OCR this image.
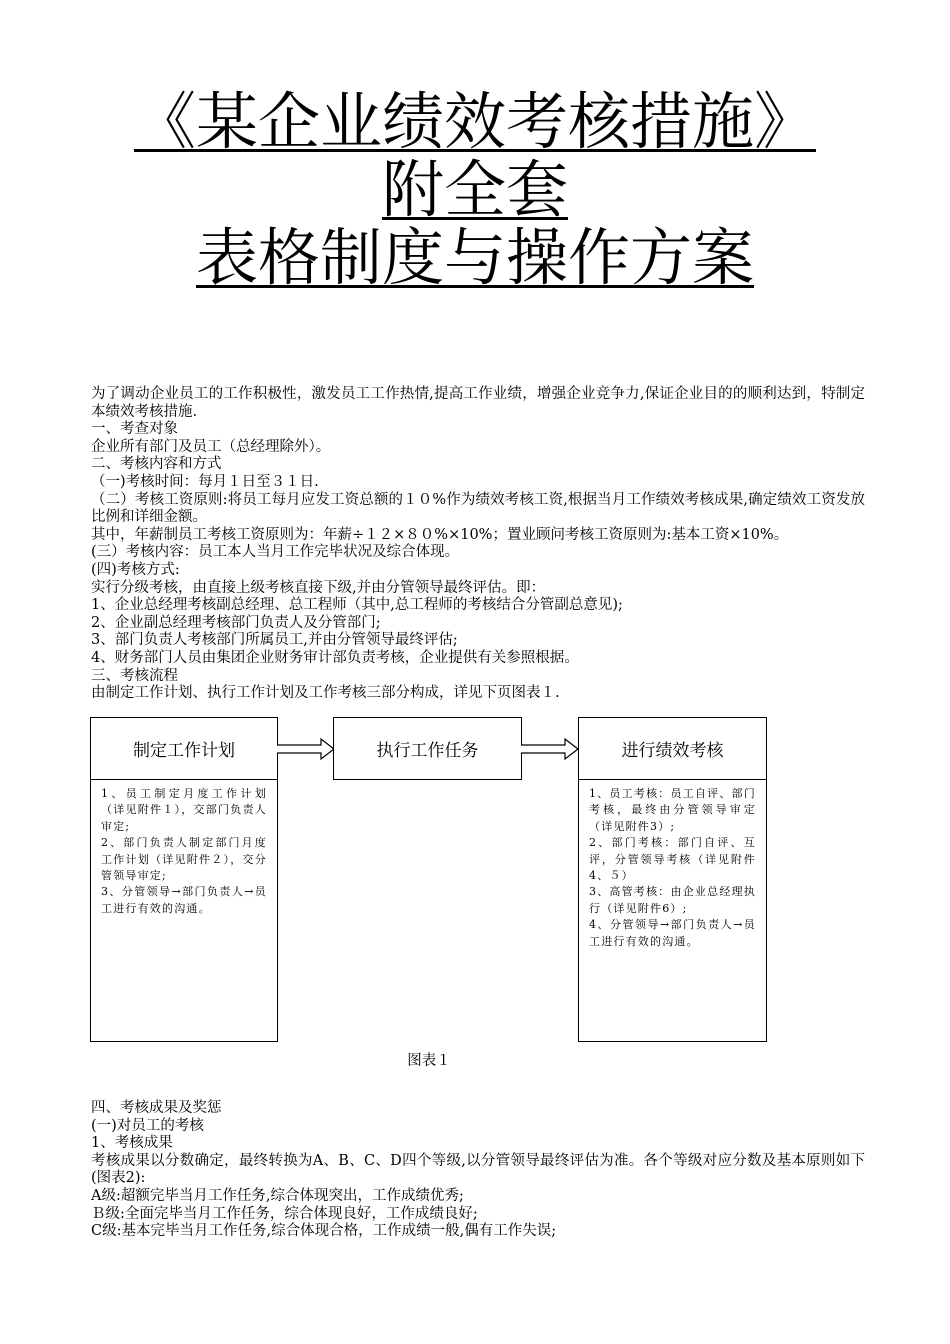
《某企业绩效考核措施》
附全套
表格制度与操作方案

为了调动企业员工的工作积极性，激发员工工作热情,提高工作业绩，增强企业竞争力,保证企业目的的顺利达到，特制定本绩效考核措施.

一、考查对象

企业所有部门及员工（总经理除外）。

二、考核内容和方式

（一)考核时间：每月１日至３１日.

（二）考核工资原则:将员工每月应发工资总额的１０%作为绩效考核工资,根据当月工作绩效考核成果,确定绩效工资发放比例和详细金额。

其中，年薪制员工考核工资原则为：年薪÷１２×８０%×10%；置业顾问考核工资原则为:基本工资×10%。

(三）考核内容：员工本人当月工作完毕状况及综合体现。

(四)考核方式:

实行分级考核，由直接上级考核直接下级,并由分管领导最终评估。即：

1、企业总经理考核副总经理、总工程师（其中,总工程师的考核结合分管副总意见);

2、企业副总经理考核部门负责人及分管部门;

3、部门负责人考核部门所属员工,并由分管领导最终评估;

4、财务部门人员由集团企业财务审计部负责考核，企业提供有关参照根据。

三、考核流程

由制定工作计划、执行工作计划及工作考核三部分构成，详见下页图表１.

制定工作计划

1、员工制定月度工作计划（详见附件１），交部门负责人审定;

2、部门负责人制定部门月度工作计划（详见附件２），交分管领导审定;

3、分管领导→部门负责人→员工进行有效的沟通。

执行工作任务	进行绩效考核

1、员工考核：员工自评、部门考核，最终由分管领导审定（详见附件3）;

2、部门考核：部门自评、互评，分管领导考核（详见附件4、５）

3、高管考核：由企业总经理执行（详见附件6）;

4、分管领导→部门负责人→员工进行有效的沟通。

图表１

四、考核成果及奖惩

(一)对员工的考核

1、考核成果

考核成果以分数确定，最终转换为A、B、C、D四个等级,以分管领导最终评估为准。各个等级对应分数及基本原则如下(图表2):

A级:超额完毕当月工作任务,综合体现突出，工作成绩优秀;

Ｂ级:全面完毕当月工作任务，综合体现良好，工作成绩良好;

C级:基本完毕当月工作任务,综合体现合格，工作成绩一般,偶有工作失误;
